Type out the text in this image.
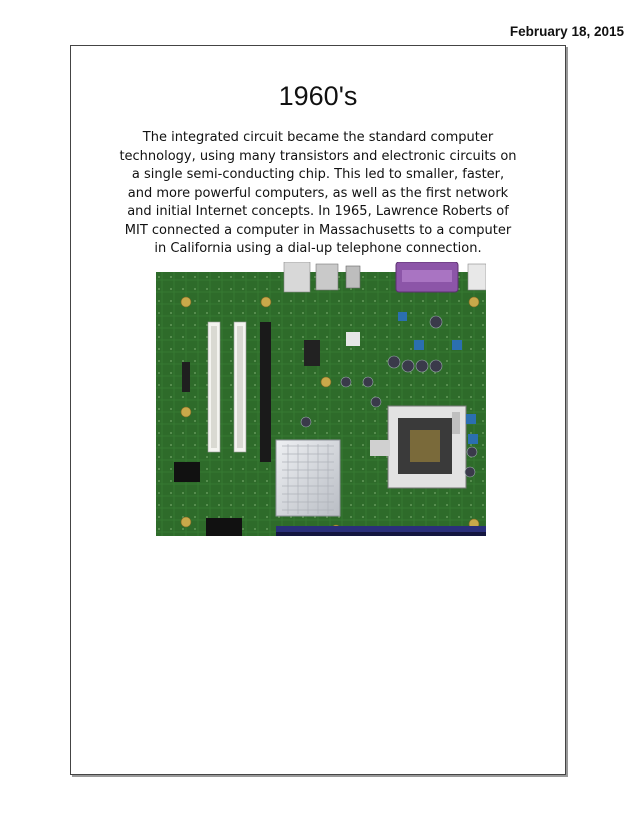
February 18, 2015
1960's
The integrated circuit became the standard computer technology, using many transistors and electronic circuits on a single semi-conducting chip. This led to smaller, faster, and more powerful computers, as well as the first network and initial Internet concepts. In 1965, Lawrence Roberts of MIT connected a computer in Massachusetts to a computer in California using a dial-up telephone connection.
